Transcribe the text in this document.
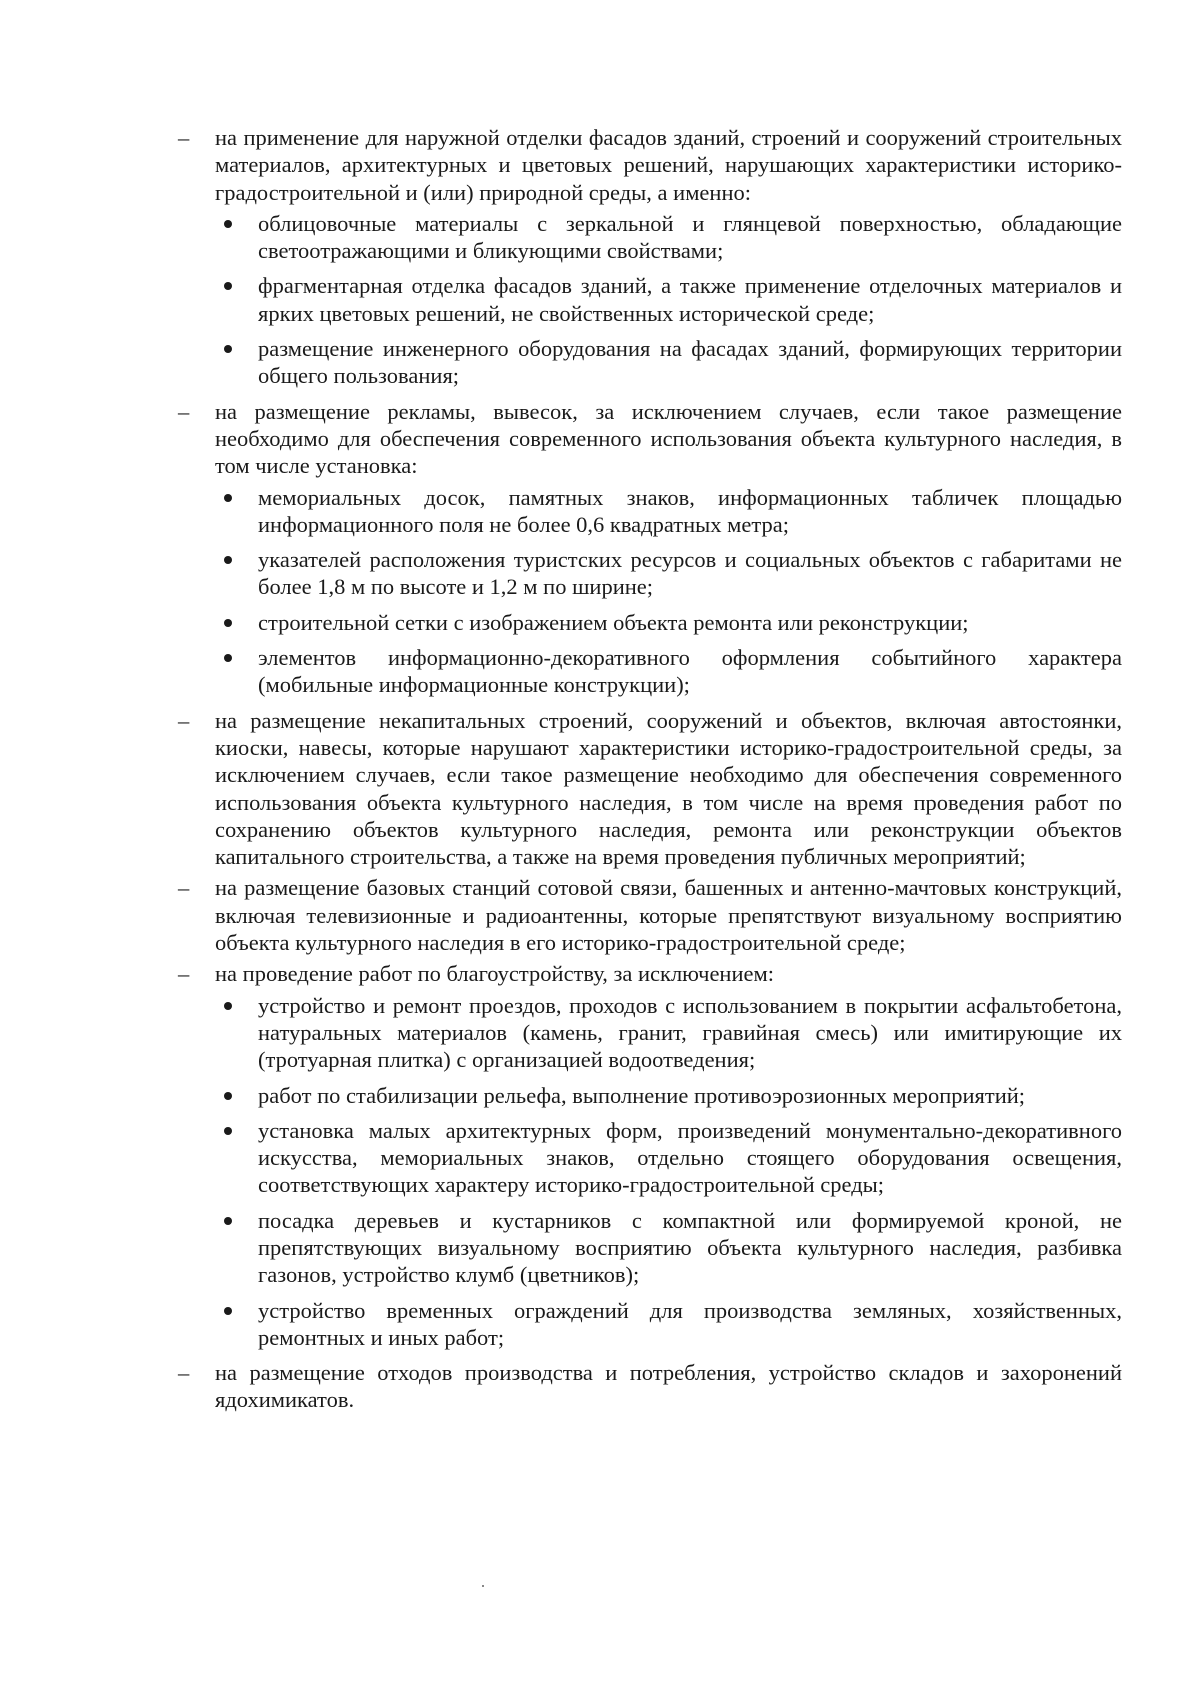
–	на применение для наружной отделки фасадов зданий, строений и сооружений строительных материалов, архитектурных и цветовых решений, нарушающих характеристики историко-градостроительной и (или) природной среды, а именно:
облицовочные материалы с зеркальной и глянцевой поверхностью, обладающие светоотражающими и бликующими свойствами;
фрагментарная отделка фасадов зданий, а также применение отделочных материалов и ярких цветовых решений, не свойственных исторической среде;
размещение инженерного оборудования на фасадах зданий, формирующих территории общего пользования;
–	на размещение рекламы, вывесок, за исключением случаев, если такое размещение необходимо для обеспечения современного использования объекта культурного наследия, в том числе установка:
мемориальных досок, памятных знаков, информационных табличек площадью информационного поля не более 0,6 квадратных метра;
указателей расположения туристских ресурсов и социальных объектов с габаритами не более 1,8 м по высоте и 1,2 м по ширине;
строительной сетки с изображением объекта ремонта или реконструкции;
элементов информационно-декоративного оформления событийного характера (мобильные информационные конструкции);
–	на размещение некапитальных строений, сооружений и объектов, включая автостоянки, киоски, навесы, которые нарушают характеристики историко-градостроительной среды, за исключением случаев, если такое размещение необходимо для обеспечения современного использования объекта культурного наследия, в том числе на время проведения работ по сохранению объектов культурного наследия, ремонта или реконструкции объектов капитального строительства, а также на время проведения публичных мероприятий;
–	на размещение базовых станций сотовой связи, башенных и антенно-мачтовых конструкций, включая телевизионные и радиоантенны, которые препятствуют визуальному восприятию объекта культурного наследия в его историко-градостроительной среде;
–	на проведение работ по благоустройству, за исключением:
устройство и ремонт проездов, проходов с использованием в покрытии асфальтобетона, натуральных материалов (камень, гранит, гравийная смесь) или имитирующие их (тротуарная плитка) с организацией водоотведения;
работ по стабилизации рельефа, выполнение противоэрозионных мероприятий;
установка малых архитектурных форм, произведений монументально-декоративного искусства, мемориальных знаков, отдельно стоящего оборудования освещения, соответствующих характеру историко-градостроительной среды;
посадка деревьев и кустарников с компактной или формируемой кроной, не препятствующих визуальному восприятию объекта культурного наследия, разбивка газонов, устройство клумб (цветников);
устройство временных ограждений для производства земляных, хозяйственных, ремонтных и иных работ;
–	на размещение отходов производства и потребления, устройство складов и захоронений ядохимикатов.
